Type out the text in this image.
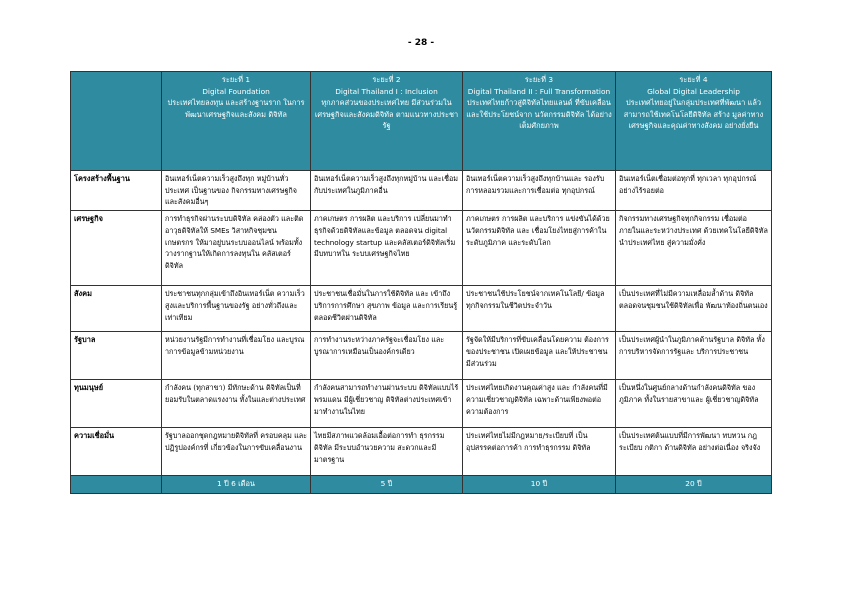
- 28 -

	ระยะที่ 1
Digital Foundation
ประเทศไทยลงทุน และสร้างฐานราก ในการพัฒนาเศรษฐกิจและสังคม ดิจิทัล	ระยะที่ 2
Digital Thailand I : Inclusion
ทุกภาคส่วนของประเทศไทย มีส่วนร่วมในเศรษฐกิจและสังคมดิจิทัล ตามแนวทางประชารัฐ	ระยะที่ 3
Digital Thailand II : Full Transformation
ประเทศไทยก้าวสู่ดิจิทัลไทยแลนด์ ที่ขับเคลื่อนและใช้ประโยชน์จาก นวัตกรรมดิจิทัล ได้อย่างเต็มศักยภาพ	ระยะที่ 4
Global Digital Leadership
ประเทศไทยอยู่ในกลุ่มประเทศที่พัฒนา แล้ว สามารถใช้เทคโนโลยีดิจิทัล สร้าง มูลค่าทางเศรษฐกิจและคุณค่าทางสังคม อย่างยั่งยืน

โครงสร้างพื้นฐาน	อินเทอร์เน็ตความเร็วสูงถึงทุก หมู่บ้านทั่วประเทศ เป็นฐานของ กิจกรรมทางเศรษฐกิจและสังคมอื่นๆ	อินเทอร์เน็ตความเร็วสูงถึงทุกหมู่บ้าน และเชื่อมกับประเทศในภูมิภาคอื่น	อินเทอร์เน็ตความเร็วสูงถึงทุกบ้านและ รองรับการหลอมรวมและการเชื่อมต่อ ทุกอุปกรณ์	อินเทอร์เน็ตเชื่อมต่อทุกที่ ทุกเวลา ทุกอุปกรณ์ อย่างไร้รอยต่อ
เศรษฐกิจ	การทำธุรกิจผ่านระบบดิจิทัล คล่องตัว และติดอาวุธดิจิทัลให้ SMEs วิสาหกิจชุมชน เกษตรกร ให้มาอยู่บนระบบออนไลน์ พร้อมทั้ง วางรากฐานให้เกิดการลงทุนใน คลัสเตอร์ดิจิทัล	ภาคเกษตร การผลิต และบริการ เปลี่ยนมาทำธุรกิจด้วยดิจิทัลและข้อมูล ตลอดจน digital technology startup และคลัสเตอร์ดิจิทัลเริ่มมีบทบาทใน ระบบเศรษฐกิจไทย	ภาคเกษตร การผลิต และบริการ แข่งขันได้ด้วยนวัตกรรมดิจิทัล และ เชื่อมโยงไทยสู่การค้าในระดับภูมิภาค และระดับโลก	กิจกรรมทางเศรษฐกิจทุกกิจกรรม เชื่อมต่อภายในและระหว่างประเทศ ด้วยเทคโนโลยีดิจิทัล นำประเทศไทย สู่ความมั่งคั่ง
สังคม	ประชาชนทุกกลุ่มเข้าถึงอินเทอร์เน็ต ความเร็วสูงและบริการพื้นฐานของรัฐ อย่างทั่วถึงและเท่าเทียม	ประชาชนเชื่อมั่นในการใช้ดิจิทัล และ เข้าถึงบริการการศึกษา สุขภาพ ข้อมูล และการเรียนรู้ตลอดชีวิตผ่านดิจิทัล	ประชาชนใช้ประโยชน์จากเทคโนโลยี/ ข้อมูล ทุกกิจกรรมในชีวิตประจำวัน	เป็นประเทศที่ไม่มีความเหลื่อมล้ำด้าน ดิจิทัล ตลอดจนชุมชนใช้ดิจิทัลเพื่อ พัฒนาท้องถิ่นตนเอง
รัฐบาล	หน่วยงานรัฐมีการทำงานที่เชื่อมโยง และบูรณาการข้อมูลข้ามหน่วยงาน	การทำงานระหว่างภาครัฐจะเชื่อมโยง และบูรณาการเหมือนเป็นองค์กรเดียว	รัฐจัดให้มีบริการที่ขับเคลื่อนโดยความ ต้องการของประชาชน เปิดเผยข้อมูล และให้ประชาชนมีส่วนร่วม	เป็นประเทศผู้นำในภูมิภาคด้านรัฐบาล ดิจิทัล ทั้งการบริหารจัดการรัฐและ บริการประชาชน
ทุนมนุษย์	กำลังคน (ทุกสาขา) มีทักษะด้าน ดิจิทัลเป็นที่ยอมรับในตลาดแรงงาน ทั้งในและต่างประเทศ	กำลังคนสามารถทำงานผ่านระบบ ดิจิทัลแบบไร้พรมแดน มีผู้เชี่ยวชาญ ดิจิทัลต่างประเทศเข้ามาทำงานในไทย	ประเทศไทยเกิดงานคุณค่าสูง และ กำลังคนที่มีความเชี่ยวชาญดิจิทัล เฉพาะด้านเพียงพอต่อความต้องการ	เป็นหนึ่งในศูนย์กลางด้านกำลังคนดิจิทัล ของภูมิภาค ทั้งในรายสาขาและ ผู้เชี่ยวชาญดิจิทัล
ความเชื่อมั่น	รัฐบาลออกชุดกฎหมายดิจิทัลที่ ครอบคลุม และปฏิรูปองค์กรที่ เกี่ยวข้องในการขับเคลื่อนงาน	ไทยมีสภาพแวดล้อมเอื้อต่อการทำ ธุรกรรมดิจิทัล มีระบบอำนวยความ สะดวกและมีมาตรฐาน	ประเทศไทยไม่มีกฎหมาย/ระเบียบที่ เป็นอุปสรรคต่อการค้า การทำธุรกรรม ดิจิทัล	เป็นประเทศต้นแบบที่มีการพัฒนา ทบทวน กฎระเบียบ กติกา ด้านดิจิทัล อย่างต่อเนื่อง จริงจัง
	1 ปี 6 เดือน	5 ปี	10 ปี	20 ปี
